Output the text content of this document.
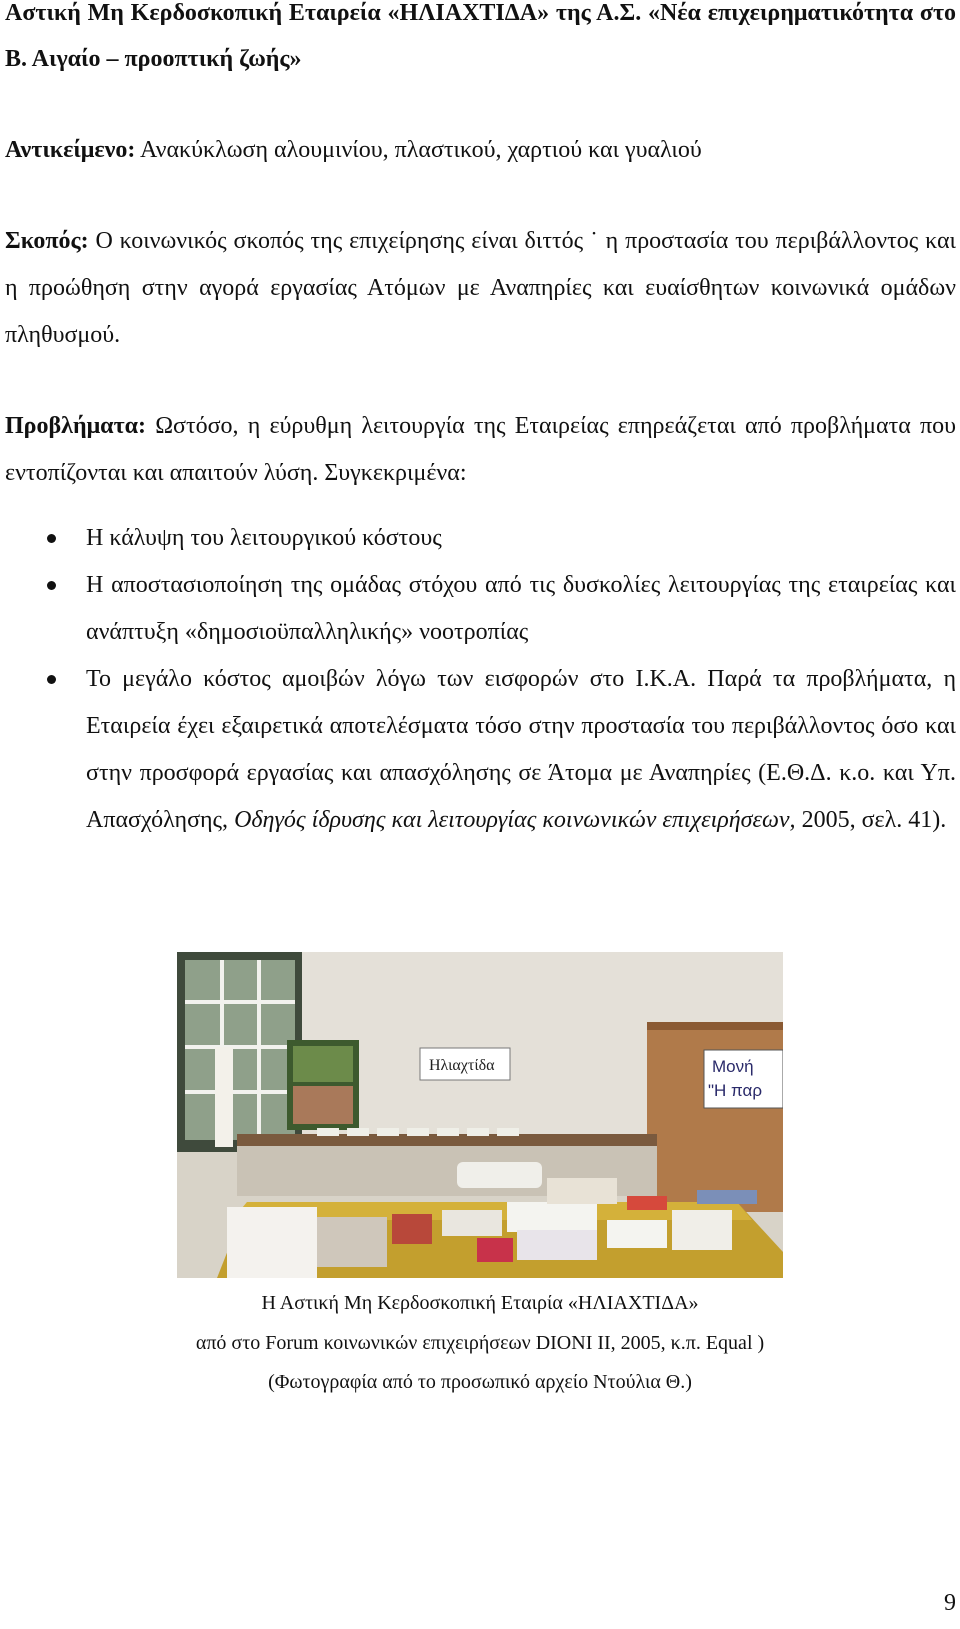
Αστική Μη Κερδοσκοπική Εταιρεία «ΗΛΙΑΧΤΙΔΑ» της Α.Σ. «Νέα επιχειρηματικότητα στο Β. Αιγαίο – προοπτική ζωής»

Αντικείμενο: Ανακύκλωση αλουμινίου, πλαστικού, χαρτιού και γυαλιού

Σκοπός: Ο κοινωνικός σκοπός της επιχείρησης είναι διττός ˙ η προστασία του περιβάλλοντος και η προώθηση στην αγορά εργασίας Ατόμων με Αναπηρίες και ευαίσθητων κοινωνικά ομάδων πληθυσμού.

Προβλήματα: Ωστόσο, η εύρυθμη λειτουργία της Εταιρείας επηρεάζεται από προβλήματα που εντοπίζονται και απαιτούν λύση. Συγκεκριμένα:

Η κάλυψη του λειτουργικού κόστους
Η αποστασιοποίηση της ομάδας στόχου από τις δυσκολίες λειτουργίας της εταιρείας και ανάπτυξη «δημοσιοϋπαλληλικής» νοοτροπίας
Το μεγάλο κόστος αμοιβών λόγω των εισφορών στο Ι.Κ.Α. Παρά τα προβλήματα, η Εταιρεία έχει εξαιρετικά αποτελέσματα τόσο στην προστασία του περιβάλλοντος όσο και στην προσφορά εργασίας και απασχόλησης σε Άτομα με Αναπηρίες (Ε.Θ.Δ. κ.ο. και Υπ. Απασχόλησης, Οδηγός ίδρυσης και λειτουργίας κοινωνικών επιχειρήσεων, 2005, σελ. 41).
Μονή
"Η παρ
Ηλιαχτίδα
Η Αστική Μη Κερδοσκοπική Εταιρία «ΗΛΙΑΧΤΙΔΑ»
από στο Forum κοινωνικών επιχειρήσεων DIONI II, 2005, κ.π. Equal )
(Φωτογραφία από το προσωπικό αρχείο Ντούλια Θ.)
9
